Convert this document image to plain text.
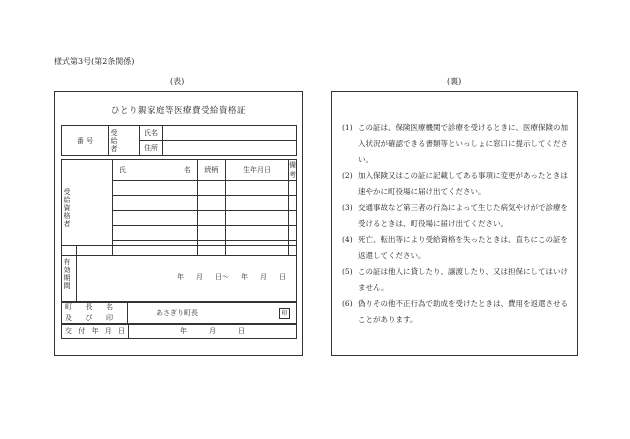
様式第3号(第2条関係)
(表)	(裏)
ひとり親家庭等医療費受給資格証
番 号	受給者	氏名	
		住所	
受給資格者	氏 名	続柄	生年月日	備考

有効期間	年 月 日〜 年 月 日
町 長 名
及 び 印

あさぎり町長	印
交 付 年 月 日	年	月	日
(1) この証は、保険医療機関で診療を受けるときに、医療保険の加入状況が確認できる書類等といっしょに窓口に提示してください。
(2) 加入保険又はこの証に記載してある事項に変更があったときは速やかに町役場に届け出てください。
(3) 交通事故など第三者の行為によって生じた病気やけがで診療を受けるときは、町役場に届け出てください。
(4) 死亡、転出等により受給資格を失ったときは、直ちにこの証を返還してください。
(5) この証は他人に貸したり、譲渡したり、又は担保にしてはいけません。
(6) 偽りその他不正行為で助成を受けたときは、費用を返還させることがあります。
